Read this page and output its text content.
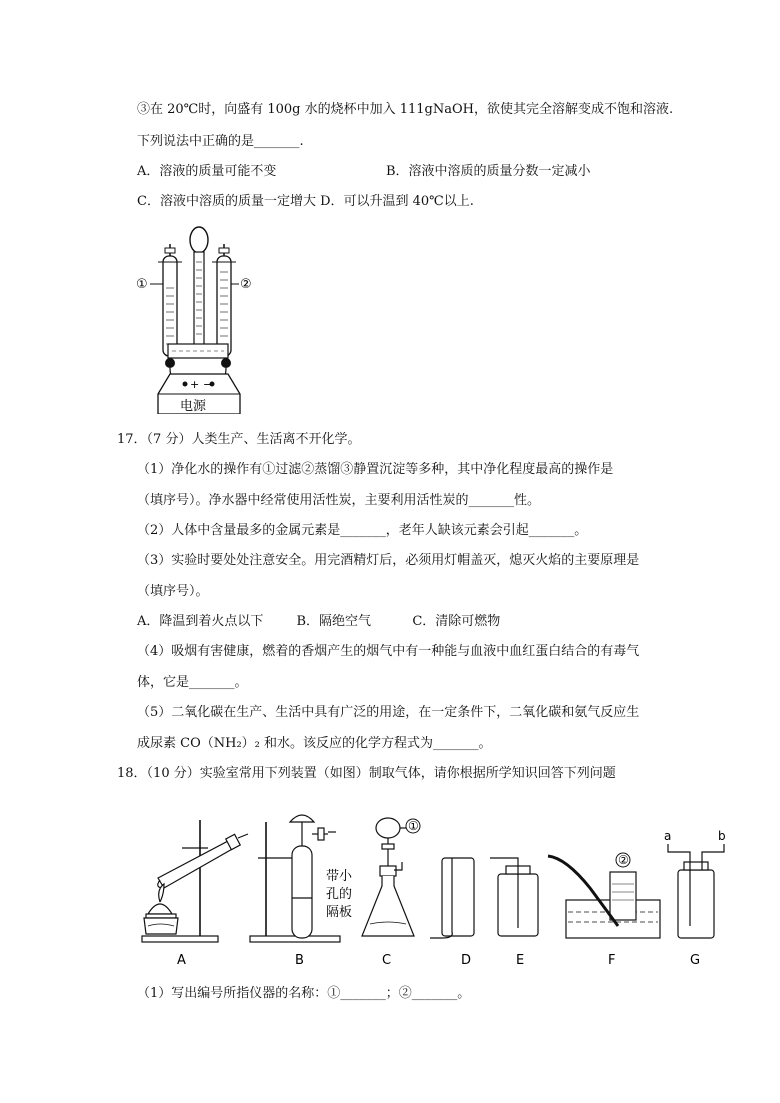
③在 20℃时，向盛有 100g 水的烧杯中加入 111gNaOH，欲使其完全溶解变成不饱和溶液.
下列说法中正确的是_______.
A．溶液的质量可能不变	B．溶液中溶质的质量分数一定减小
C．溶液中溶质的质量一定增大 D．可以升温到 40℃以上.
+ −
电源
①	②
17．（7 分）人类生产、生活离不开化学。
（1）净化水的操作有①过滤②蒸馏③静置沉淀等多种，其中净化程度最高的操作是
（填序号）。净水器中经常使用活性炭，主要利用活性炭的_______性。
（2）人体中含量最多的金属元素是_______，老年人缺该元素会引起_______。
（3）实验时要处处注意安全。用完酒精灯后，必须用灯帽盖灭，熄灭火焰的主要原理是
（填序号）。
A．降温到着火点以下        B．隔绝空气          C．清除可燃物
（4）吸烟有害健康，燃着的香烟产生的烟气中有一种能与血液中血红蛋白结合的有毒气
体，它是_______。
（5）二氧化碳在生产、生活中具有广泛的用途，在一定条件下，二氧化碳和氨气反应生
成尿素 CO（NH₂）₂ 和水。该反应的化学方程式为_______。
18．（10 分）实验室常用下列装置（如图）制取气体，请你根据所学知识回答下列问题
带小
孔的
隔板
①
②
a	b
A	B	C	D	E	F	G
（1）写出编号所指仪器的名称：①_______；②_______。
